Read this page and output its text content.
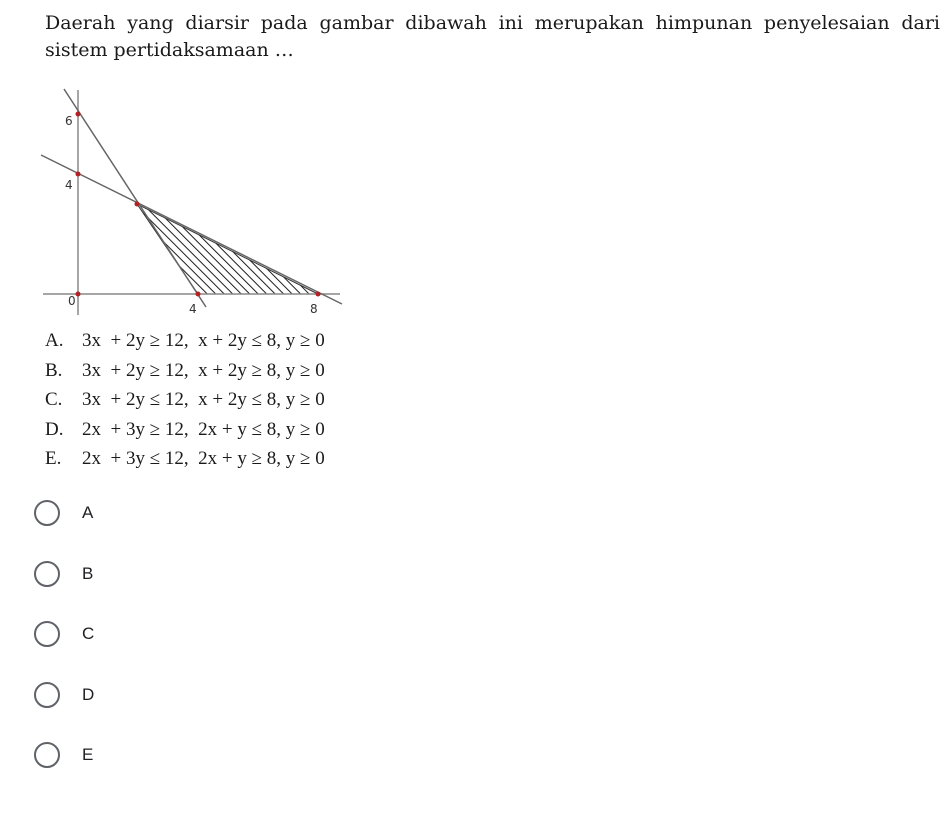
Daerah yang diarsir pada gambar dibawah ini merupakan himpunan penyelesaian dari sistem pertidaksamaan …

6
4
0
4	8
A. 3x  + 2y ≥ 12,  x + 2y ≤ 8, y ≥ 0
B.	3x  + 2y ≥ 12,  x + 2y ≥ 8, y ≥ 0
C.	3x  + 2y ≤ 12,  x + 2y ≤ 8, y ≥ 0
D. 2x  + 3y ≥ 12,  2x + y ≤ 8, y ≥ 0
E.	2x  + 3y ≤ 12,  2x + y ≥ 8, y ≥ 0
A
B
C
D
E
